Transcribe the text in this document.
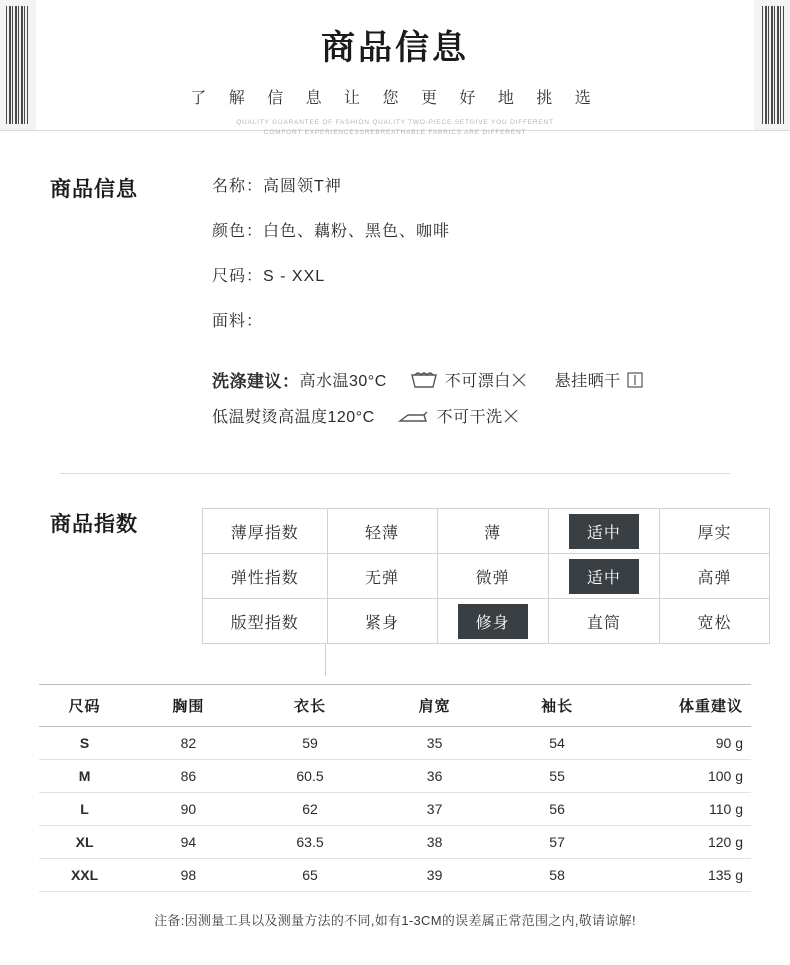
商品信息
了 解 信 息 让 您 更 好 地 挑 选
QUALITY GUARANTEE OF FASHION QUALITY TWO-PIECE SETGIVE YOU DIFFERENT
COMFORT EXPERIENCESSREBREATHABLE FABRICS ARE DIFFERENT
商品信息	名称：高圆领T䘥
颜色：白色、藕粉、黑色、咖啡
尺码：S - XXL
面料：
洗涤建议： 高水温30°C	不可漂白	悬挂晒干
低温熨烫高温度120°C	不可干洗
商品指数	薄厚指数	轻薄	薄	适中	厚实
弹性指数	无弹	微弹	适中	高弹
版型指数	紧身	修身	直筒	宽松
尺码	胸围	衣长	肩宽	袖长	体重建议
S	82	59	35	54	90 g
M	86	60.5	36	55	100 g
L	90	62	37	56	110 g
XL	94	63.5	38	57	120 g
XXL	98	65	39	58	135 g
注备:因测量工具以及测量方法的不同,如有1-3CM的误差属正常范围之内,敬请谅解!
